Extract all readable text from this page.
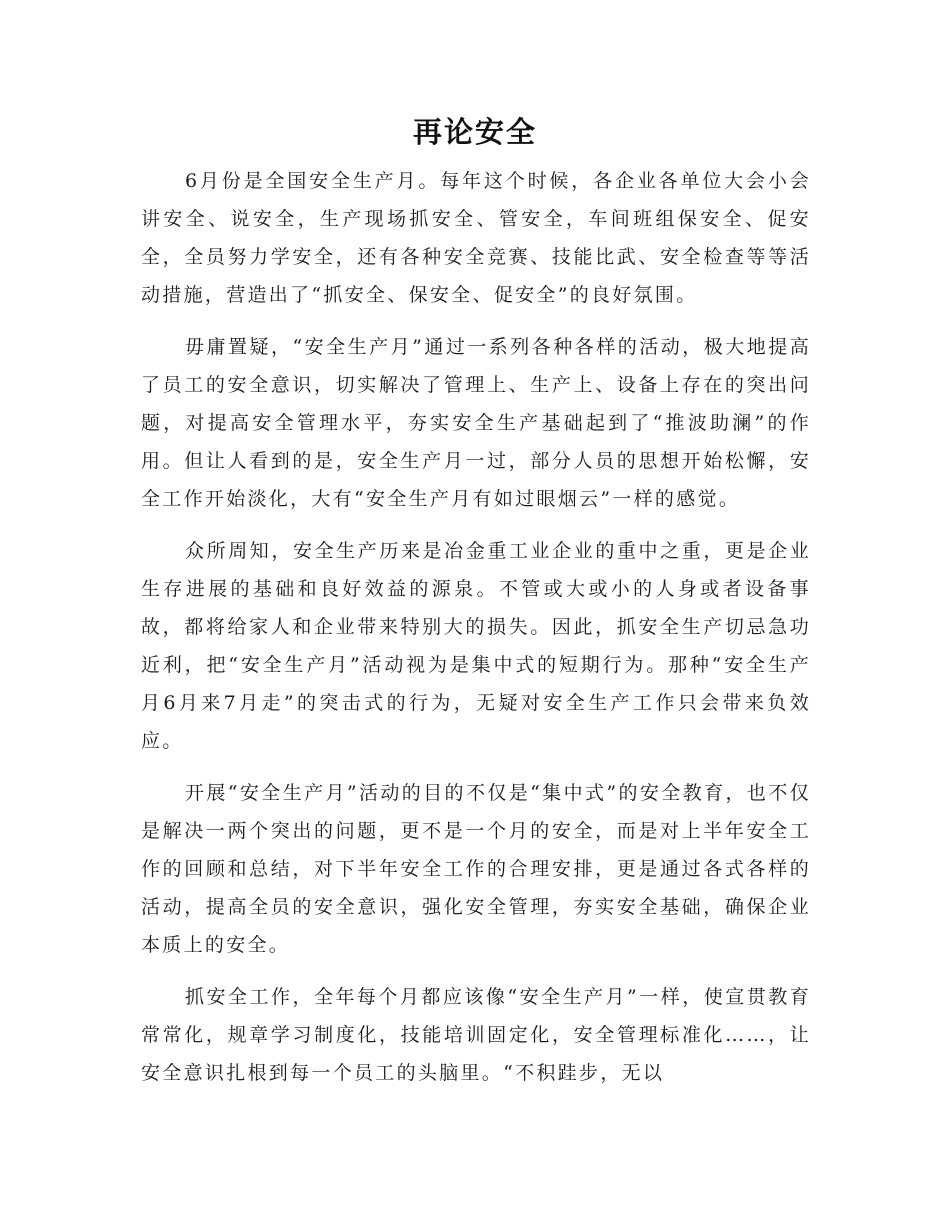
再论安全

6月份是全国安全生产月。每年这个时候，各企业各单位大会小会讲安全、说安全，生产现场抓安全、管安全，车间班组保安全、促安全，全员努力学安全，还有各种安全竞赛、技能比武、安全检查等等活动措施，营造出了“抓安全、保安全、促安全”的良好氛围。

毋庸置疑，“安全生产月”通过一系列各种各样的活动，极大地提高了员工的安全意识，切实解决了管理上、生产上、设备上存在的突出问题，对提高安全管理水平，夯实安全生产基础起到了“推波助澜”的作用。但让人看到的是，安全生产月一过，部分人员的思想开始松懈，安全工作开始淡化，大有“安全生产月有如过眼烟云”一样的感觉。

众所周知，安全生产历来是冶金重工业企业的重中之重，更是企业生存进展的基础和良好效益的源泉。不管或大或小的人身或者设备事故，都将给家人和企业带来特别大的损失。因此，抓安全生产切忌急功近利，把“安全生产月”活动视为是集中式的短期行为。那种“安全生产月6月来7月走”的突击式的行为，无疑对安全生产工作只会带来负效应。

开展“安全生产月”活动的目的不仅是“集中式”的安全教育，也不仅是解决一两个突出的问题，更不是一个月的安全，而是对上半年安全工作的回顾和总结，对下半年安全工作的合理安排，更是通过各式各样的活动，提高全员的安全意识，强化安全管理，夯实安全基础，确保企业本质上的安全。

抓安全工作，全年每个月都应该像“安全生产月”一样，使宣贯教育常常化，规章学习制度化，技能培训固定化，安全管理标准化……，让安全意识扎根到每一个员工的头脑里。“不积跬步，无以
